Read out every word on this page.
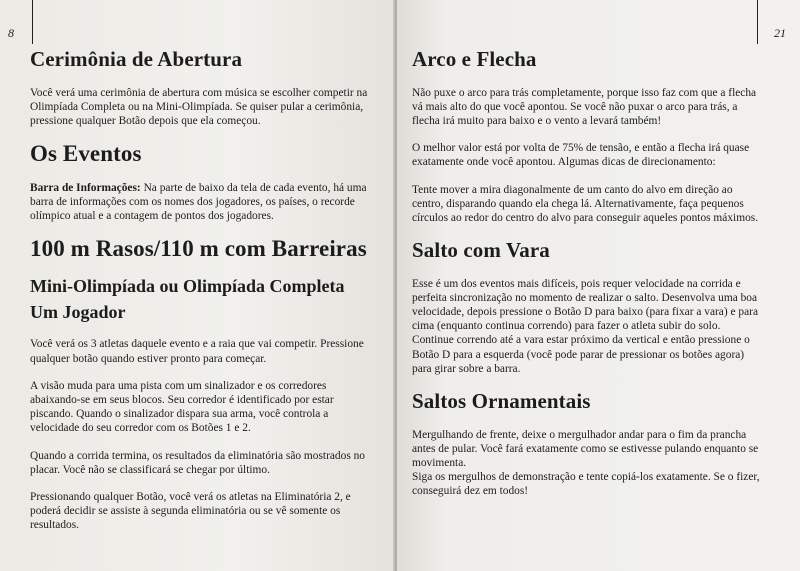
8
Cerimônia de Abertura

Você verá uma cerimônia de abertura com música se escolher competir na Olimpíada Completa ou na Mini-Olimpíada. Se quiser pular a cerimônia, pressione qualquer Botão depois que ela começou.

Os Eventos

Barra de Informações: Na parte de baixo da tela de cada evento, há uma barra de informações com os nomes dos jogadores, os países, o recorde olímpico atual e a contagem de pontos dos jogadores.

100 m Rasos/110 m com Barreiras
Mini-Olimpíada ou Olimpíada Completa
Um Jogador

Você verá os 3 atletas daquele evento e a raia que vai competir. Pressione qualquer botão quando estiver pronto para começar.

A visão muda para uma pista com um sinalizador e os corredores abaixando-se em seus blocos. Seu corredor é identificado por estar piscando. Quando o sinalizador dispara sua arma, você controla a velocidade do seu corredor com os Botões 1 e 2.

Quando a corrida termina, os resultados da eliminatória são mostrados no placar. Você não se classificará se chegar por último.

Pressionando qualquer Botão, você verá os atletas na Eliminatória 2, e poderá decidir se assiste à segunda eliminatória ou se vê somente os resultados.

21
Arco e Flecha

Não puxe o arco para trás completamente, porque isso faz com que a flecha vá mais alto do que você apontou. Se você não puxar o arco para trás, a flecha irá muito para baixo e o vento a levará também!

O melhor valor está por volta de 75% de tensão, e então a flecha irá quase exatamente onde você apontou. Algumas dicas de direcionamento:

Tente mover a mira diagonalmente de um canto do alvo em direção ao centro, disparando quando ela chega lá. Alternativamente, faça pequenos círculos ao redor do centro do alvo para conseguir aqueles pontos máximos.

Salto com Vara

Esse é um dos eventos mais difíceis, pois requer velocidade na corrida e perfeita sincronização no momento de realizar o salto. Desenvolva uma boa velocidade, depois pressione o Botão D para baixo (para fixar a vara) e para cima (enquanto continua correndo) para fazer o atleta subir do solo. Continue correndo até a vara estar próximo da vertical e então pressione o Botão D para a esquerda (você pode parar de pressionar os botões agora) para girar sobre a barra.

Saltos Ornamentais

Mergulhando de frente, deixe o mergulhador andar para o fim da prancha antes de pular. Você fará exatamente como se estivesse pulando enquanto se movimenta.

Siga os mergulhos de demonstração e tente copiá-los exatamente. Se o fizer, conseguirá dez em todos!
